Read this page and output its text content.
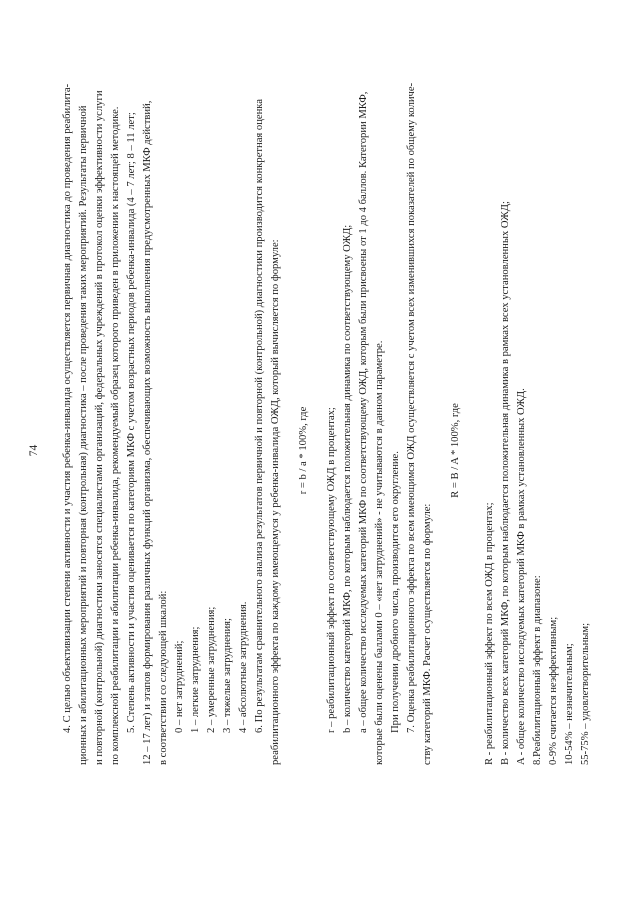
74 4. С целью объективизации степени активности и участия ребенка-инвалида осуществляется первичная диагностика до проведения реабилита- ционных и абилитационных мероприятий и повторная (контрольная) диагностика – после проведения таких мероприятий. Результаты первичной и повторной (контрольной) диагностики заносятся специалистами организаций, федеральных учреждений в протокол оценки эффективности услуги по комплексной реабилитации и абилитации ребенка-инвалида, рекомендуемый образец которого приведен в приложении к настоящей методике. 5. Степень активности и участия оценивается по категориям МКФ с учетом возрастных периодов ребенка-инвалида (4 – 7 лет; 8 – 11 лет; 12 – 17 лет) и этапов формирования различных функций организма, обеспечивающих возможность выполнения предусмотренных МКФ действий, в соответствии со следующей шкалой: 0 – нет затруднений; 1 – легкие затруднения; 2 – умеренные затруднения; 3 – тяжелые затруднения; 4 – абсолютные затруднения. 6. По результатам сравнительного анализа результатов первичной и повторной (контрольной) диагностики производится конкретная оценка реабилитационного эффекта по каждому имеющемуся у ребенка-инвалида ОЖД, который вычисляется по формуле: r = b / a * 100%, где r – реабилитационный эффект по соответствующему ОЖД в процентах; b – количество категорий МКФ, по которым наблюдается положительная динамика по соответствующему ОЖД; a – общее количество исследуемых категорий МКФ по соответствующему ОЖД, которым были присвоены от 1 до 4 баллов. Категории МКФ, которые были оценены баллами 0 – «нет затруднений» - не учитываются в данном параметре. При получении дробного числа, производится его округление. 7. Оценка реабилитационного эффекта по всем имеющимся ОЖД осуществляется с учетом всех изменившихся показателей по общему количе- ству категорий МКФ. Расчет осуществляется по формуле:
R = B / A * 100%, где
R - реабилитационный эффект по всем ОЖД в процентах; B - количество всех категорий МКФ, по которым наблюдается положительная динамика в рамках всех установленных ОЖД; A - общее количество исследуемых категорий МКФ в рамках установленных ОЖД. 8.Реабилитационный эффект в диапазоне: 0-9% считается неэффективным; 10-54% – незначительным; 55-75% – удовлетворительным;
